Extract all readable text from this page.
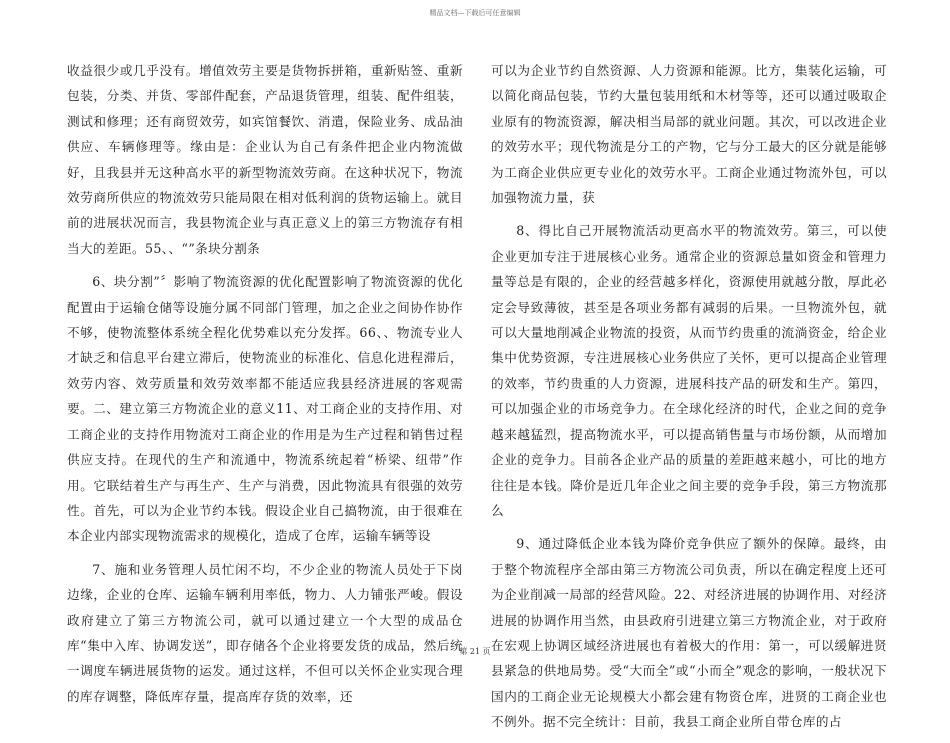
精品文档—下载后可任意编辑

收益很少或几乎没有。增值效劳主要是货物拆拼箱，重新贴签、重新包装，分类、并货、零部件配套，产品退货管理，组装、配件组装，测试和修理；还有商贸效劳，如宾馆餐饮、消遣，保险业务、成品油供应、车辆修理等。缘由是：企业认为自己有条件把企业内物流做好，且我县并无这种高水平的新型物流效劳商。在这种状况下，物流效劳商所供应的物流效劳只能局限在相对低利润的货物运输上。就目前的进展状况而言，我县物流企业与真正意义上的第三方物流存有相当大的差距。55、、“”条块分割条

6、块分割”〞影响了物流资源的优化配置影响了物流资源的优化配置由于运输仓储等设施分属不同部门管理，加之企业之间协作协作不够，使物流整体系统全程化优势难以充分发挥。66、、物流专业人才缺乏和信息平台建立滞后，使物流业的标准化、信息化进程滞后，效劳内容、效劳质量和效劳效率都不能适应我县经济进展的客观需要。二、建立第三方物流企业的意义11、对工商企业的支持作用、对工商企业的支持作用物流对工商企业的作用是为生产过程和销售过程供应支持。在现代的生产和流通中，物流系统起着“桥梁、纽带”作用。它联结着生产与再生产、生产与消费，因此物流具有很强的效劳性。首先，可以为企业节约本钱。假设企业自己搞物流，由于很难在本企业内部实现物流需求的规模化，造成了仓库，运输车辆等设

7、施和业务管理人员忙闲不均，不少企业的物流人员处于下岗边缘，企业的仓库、运输车辆利用率低，物力、人力铺张严峻。假设政府建立了第三方物流公司，就可以通过建立一个大型的成品仓库“集中入库、协调发送”，即存储各个企业将要发货的成品，然后统一调度车辆进展货物的运发。通过这样，不但可以关怀企业实现合理的库存调整，降低库存量，提高库存货的效率，还

可以为企业节约自然资源、人力资源和能源。比方，集装化运输，可以简化商品包装，节约大量包装用纸和木材等等，还可以通过吸取企业原有的物流资源，解决相当局部的就业问题。其次，可以改进企业的效劳水平；现代物流是分工的产物，它与分工最大的区分就是能够为工商企业供应更专业化的效劳水平。工商企业通过物流外包，可以加强物流力量，获

8、得比自己开展物流活动更高水平的物流效劳。第三，可以使企业更加专注于进展核心业务。通常企业的资源总量如资金和管理力量等总是有限的，企业的经营越多样化，资源使用就越分散，厚此必定会导致薄彼，甚至是各项业务都有减弱的后果。一旦物流外包，就可以大量地削减企业物流的投资，从而节约贵重的流淌资金，给企业集中优势资源，专注进展核心业务供应了关怀，更可以提高企业管理的效率，节约贵重的人力资源，进展科技产品的研发和生产。第四，可以加强企业的市场竞争力。在全球化经济的时代，企业之间的竞争越来越猛烈，提高物流水平，可以提高销售量与市场份额，从而增加企业的竞争力。目前各企业产品的质量的差距越来越小，可比的地方往往是本钱。降价是近几年企业之间主要的竞争手段，第三方物流那么

9、通过降低企业本钱为降价竞争供应了额外的保障。最终，由于整个物流程序全部由第三方物流公司负责，所以在确定程度上还可为企业削减一局部的经营风险。22、对经济进展的协调作用、对经济进展的协调作用当然，由县政府引进建立第三方物流企业，对于政府在宏观上协调区域经济进展也有着极大的作用：第一，可以缓解进贤县紧急的供地局势。受“大而全”或“小而全”观念的影响，一般状况下国内的工商企业无论规模大小都会建有物资仓库，进贤的工商企业也不例外。据不完全统计：目前，我县工商企业所自带仓库的占

第 21 页
